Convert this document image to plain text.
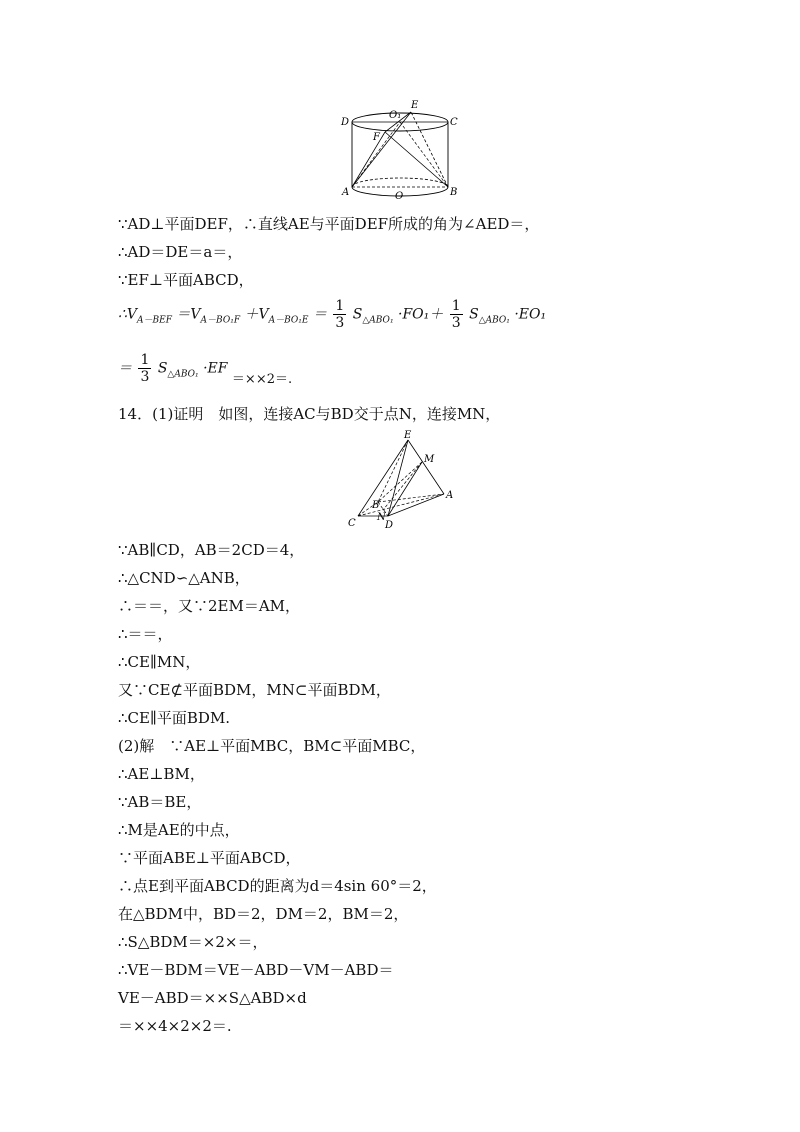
D
O₁
E
C
F
A	O	B
∵AD⊥平面DEF，∴直线AE与平面DEF所成的角为∠AED＝，
∴AD＝DE＝a＝，
∵EF⊥平面ABCD，
$\therefore V_{A-BEF} =V_{A-BO_1F} +V_{A-BO_1E} = \frac{1}{3} S_{\triangle ABO_1} \cdot FO_1+ \frac{1}{3} S_{\triangle ABO_1} \cdot EO_1$
＝ $\frac{1}{3} S_{\triangle ABO_1} \cdot EF =\times\times 2=$.
14．(1)证明　如图，连接AC与BD交于点N，连接MN，
E
M
A
B
N
C	D
∵AB∥CD，AB＝2CD＝4，
∴△CND∽△ANB，
∴＝＝，又∵2EM＝AM，
∴＝＝，
∴CE∥MN，
又∵CE⊄平面BDM，MN⊂平面BDM，
∴CE∥平面BDM.
(2)解　∵AE⊥平面MBC，BM⊂平面MBC，
∴AE⊥BM，
∵AB＝BE，
∴M是AE的中点，
∵平面ABE⊥平面ABCD，
∴点E到平面ABCD的距离为d＝4sin 60°＝2，
在△BDM中，BD＝2，DM＝2，BM＝2，
∴S△BDM＝×2×＝，
∴VE－BDM＝VE－ABD－VM－ABD＝
VE－ABD＝××S△ABD×d
＝××4×2×2＝.
